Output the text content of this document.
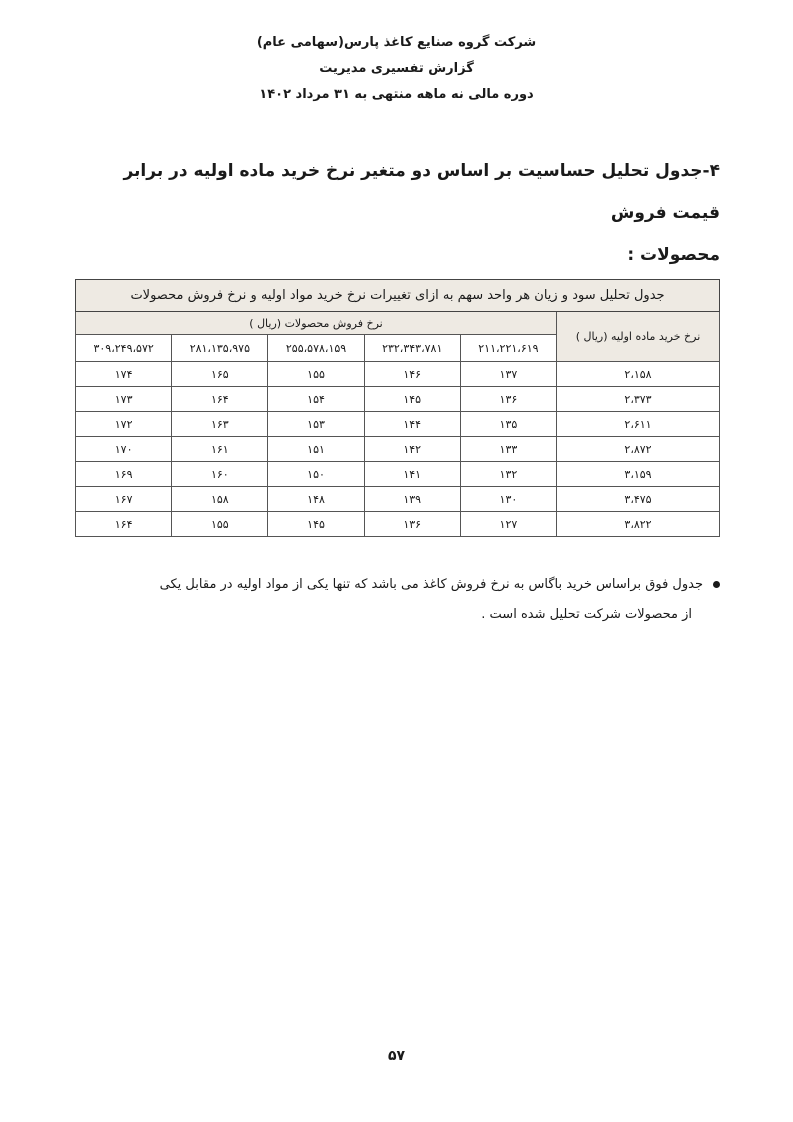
شرکت گروه صنایع کاغذ پارس(سهامی عام)
گزارش تفسیری مدیریت
دوره مالی نه ماهه منتهی به ۳۱ مرداد ۱۴۰۲
۴-جدول تحلیل حساسیت بر اساس دو متغیر نرخ خرید ماده اولیه در برابر قیمت فروش
محصولات :
جدول تحلیل سود و زیان هر واحد سهم به ازای تغییرات نرخ خرید مواد اولیه و نرخ فروش محصولات					
نرخ خرید ماده اولیه (ریال )	نرخ فروش محصولات (ریال )				
	۲۱۱،۲۲۱،۶۱۹	۲۳۲،۳۴۳،۷۸۱	۲۵۵،۵۷۸،۱۵۹	۲۸۱،۱۳۵،۹۷۵	۳۰۹،۲۴۹،۵۷۲
۲،۱۵۸	۱۳۷	۱۴۶	۱۵۵	۱۶۵	۱۷۴
۲،۳۷۳	۱۳۶	۱۴۵	۱۵۴	۱۶۴	۱۷۳
۲،۶۱۱	۱۳۵	۱۴۴	۱۵۳	۱۶۳	۱۷۲
۲،۸۷۲	۱۳۳	۱۴۲	۱۵۱	۱۶۱	۱۷۰
۳،۱۵۹	۱۳۲	۱۴۱	۱۵۰	۱۶۰	۱۶۹
۳،۴۷۵	۱۳۰	۱۳۹	۱۴۸	۱۵۸	۱۶۷
۳،۸۲۲	۱۲۷	۱۳۶	۱۴۵	۱۵۵	۱۶۴
جدول فوق براساس خرید باگاس به نرخ فروش کاغذ می باشد که تنها یکی از مواد اولیه در مقابل یکی
از محصولات شرکت تحلیل شده است .
۵۷
